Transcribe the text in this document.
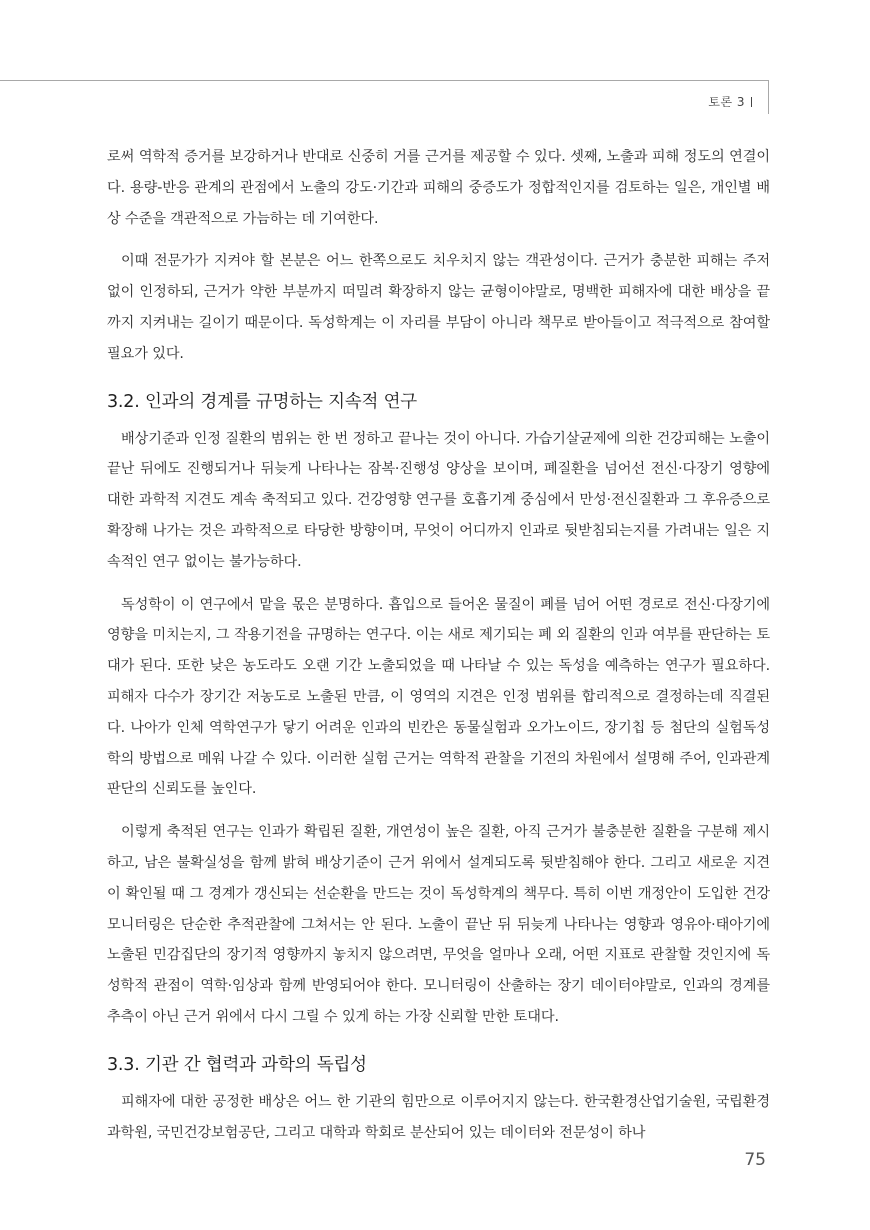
토론 3

로써 역학적 증거를 보강하거나 반대로 신중히 거를 근거를 제공할 수 있다. 셋째, 노출과 피해 정도의 연결이다. 용량-반응 관계의 관점에서 노출의 강도·기간과 피해의 중증도가 정합적인지를 검토하는 일은, 개인별 배상 수준을 객관적으로 가늠하는 데 기여한다.

이때 전문가가 지켜야 할 본분은 어느 한쪽으로도 치우치지 않는 객관성이다. 근거가 충분한 피해는 주저 없이 인정하되, 근거가 약한 부분까지 떠밀려 확장하지 않는 균형이야말로, 명백한 피해자에 대한 배상을 끝까지 지켜내는 길이기 때문이다. 독성학계는 이 자리를 부담이 아니라 책무로 받아들이고 적극적으로 참여할 필요가 있다.

3.2. 인과의 경계를 규명하는 지속적 연구

배상기준과 인정 질환의 범위는 한 번 정하고 끝나는 것이 아니다. 가습기살균제에 의한 건강피해는 노출이 끝난 뒤에도 진행되거나 뒤늦게 나타나는 잠복·진행성 양상을 보이며, 폐질환을 넘어선 전신·다장기 영향에 대한 과학적 지견도 계속 축적되고 있다. 건강영향 연구를 호흡기계 중심에서 만성·전신질환과 그 후유증으로 확장해 나가는 것은 과학적으로 타당한 방향이며, 무엇이 어디까지 인과로 뒷받침되는지를 가려내는 일은 지속적인 연구 없이는 불가능하다.

독성학이 이 연구에서 맡을 몫은 분명하다. 흡입으로 들어온 물질이 폐를 넘어 어떤 경로로 전신·다장기에 영향을 미치는지, 그 작용기전을 규명하는 연구다. 이는 새로 제기되는 폐 외 질환의 인과 여부를 판단하는 토대가 된다. 또한 낮은 농도라도 오랜 기간 노출되었을 때 나타날 수 있는 독성을 예측하는 연구가 필요하다. 피해자 다수가 장기간 저농도로 노출된 만큼, 이 영역의 지견은 인정 범위를 합리적으로 결정하는데 직결된다. 나아가 인체 역학연구가 닿기 어려운 인과의 빈칸은 동물실험과 오가노이드, 장기칩 등 첨단의 실험독성학의 방법으로 메워 나갈 수 있다. 이러한 실험 근거는 역학적 관찰을 기전의 차원에서 설명해 주어, 인과관계 판단의 신뢰도를 높인다.

이렇게 축적된 연구는 인과가 확립된 질환, 개연성이 높은 질환, 아직 근거가 불충분한 질환을 구분해 제시하고, 남은 불확실성을 함께 밝혀 배상기준이 근거 위에서 설계되도록 뒷받침해야 한다. 그리고 새로운 지견이 확인될 때 그 경계가 갱신되는 선순환을 만드는 것이 독성학계의 책무다. 특히 이번 개정안이 도입한 건강모니터링은 단순한 추적관찰에 그쳐서는 안 된다. 노출이 끝난 뒤 뒤늦게 나타나는 영향과 영유아·태아기에 노출된 민감집단의 장기적 영향까지 놓치지 않으려면, 무엇을 얼마나 오래, 어떤 지표로 관찰할 것인지에 독성학적 관점이 역학·임상과 함께 반영되어야 한다. 모니터링이 산출하는 장기 데이터야말로, 인과의 경계를 추측이 아닌 근거 위에서 다시 그릴 수 있게 하는 가장 신뢰할 만한 토대다.

3.3. 기관 간 협력과 과학의 독립성

피해자에 대한 공정한 배상은 어느 한 기관의 힘만으로 이루어지지 않는다. 한국환경산업기술원, 국립환경과학원, 국민건강보험공단, 그리고 대학과 학회로 분산되어 있는 데이터와 전문성이 하나

75
